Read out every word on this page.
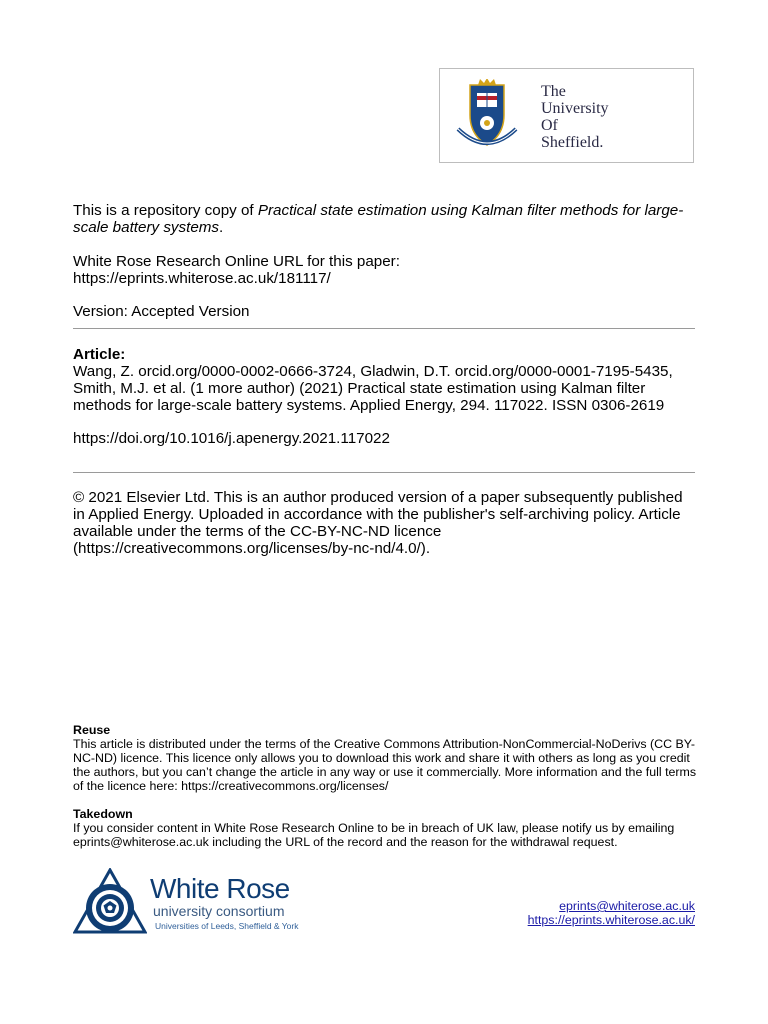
The
University
Of
Sheffield.
This is a repository copy of Practical state estimation using Kalman filter methods for large-scale battery systems.
White Rose Research Online URL for this paper:
https://eprints.whiterose.ac.uk/181117/
Version: Accepted Version
Article:
Wang, Z. orcid.org/0000-0002-0666-3724, Gladwin, D.T. orcid.org/0000-0001-7195-5435, Smith, M.J. et al. (1 more author) (2021) Practical state estimation using Kalman filter methods for large-scale battery systems. Applied Energy, 294. 117022. ISSN 0306-2619
https://doi.org/10.1016/j.apenergy.2021.117022
© 2021 Elsevier Ltd. This is an author produced version of a paper subsequently published in Applied Energy. Uploaded in accordance with the publisher's self-archiving policy. Article available under the terms of the CC-BY-NC-ND licence (https://creativecommons.org/licenses/by-nc-nd/4.0/).
Reuse
This article is distributed under the terms of the Creative Commons Attribution-NonCommercial-NoDerivs (CC BY-NC-ND) licence. This licence only allows you to download this work and share it with others as long as you credit the authors, but you can’t change the article in any way or use it commercially. More information and the full terms of the licence here: https://creativecommons.org/licenses/
Takedown
If you consider content in White Rose Research Online to be in breach of UK law, please notify us by emailing eprints@whiterose.ac.uk including the URL of the record and the reason for the withdrawal request.
White Rose
university consortium
Universities of Leeds, Sheffield & York
eprints@whiterose.ac.uk
https://eprints.whiterose.ac.uk/
